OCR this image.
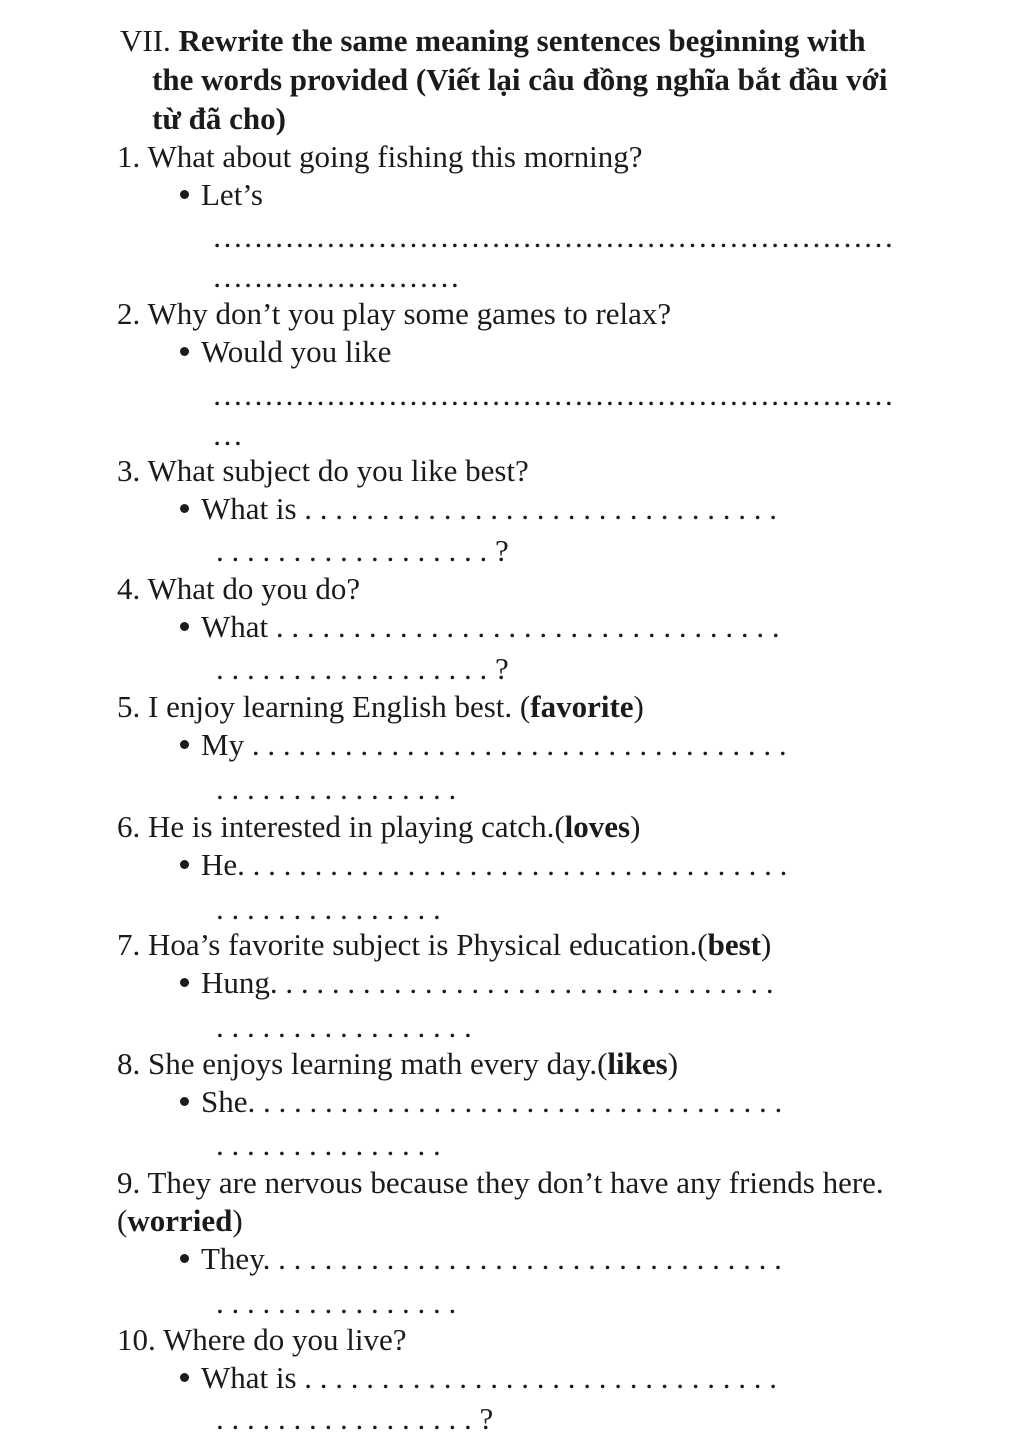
VII. Rewrite the same meaning sentences beginning with
the words provided (Viết lại câu đồng nghĩa bắt đầu với
từ đã cho)
1. What about going fishing this morning?
Let’s
…………………………………………………………
……………………
2. Why don’t you play some games to relax?
Would you like
…………………………………………………………
…
3. What subject do you like best?
What is . . . . . . . . . . . . . . . . . . . . . . . . . . . . . . .
. . . . . . . . . . . . . . . . . . ?
4. What do you do?
What . . . . . . . . . . . . . . . . . . . . . . . . . . . . . . . . .
. . . . . . . . . . . . . . . . . . ?
5. I enjoy learning English best. (favorite)
My . . . . . . . . . . . . . . . . . . . . . . . . . . . . . . . . . . .
. . . . . . . . . . . . . . . .
6. He is interested in playing catch.(loves)
He. . . . . . . . . . . . . . . . . . . . . . . . . . . . . . . . . . . .
. . . . . . . . . . . . . . .
7. Hoa’s favorite subject is Physical education.(best)
Hung. . . . . . . . . . . . . . . . . . . . . . . . . . . . . . . . .
. . . . . . . . . . . . . . . . .
8. She enjoys learning math every day.(likes)
She. . . . . . . . . . . . . . . . . . . . . . . . . . . . . . . . . . .
. . . . . . . . . . . . . . .
9. They are nervous because they don’t have any friends here.
(worried)
They. . . . . . . . . . . . . . . . . . . . . . . . . . . . . . . . . .
. . . . . . . . . . . . . . . .
10. Where do you live?
What is . . . . . . . . . . . . . . . . . . . . . . . . . . . . . . .
. . . . . . . . . . . . . . . . . ?
